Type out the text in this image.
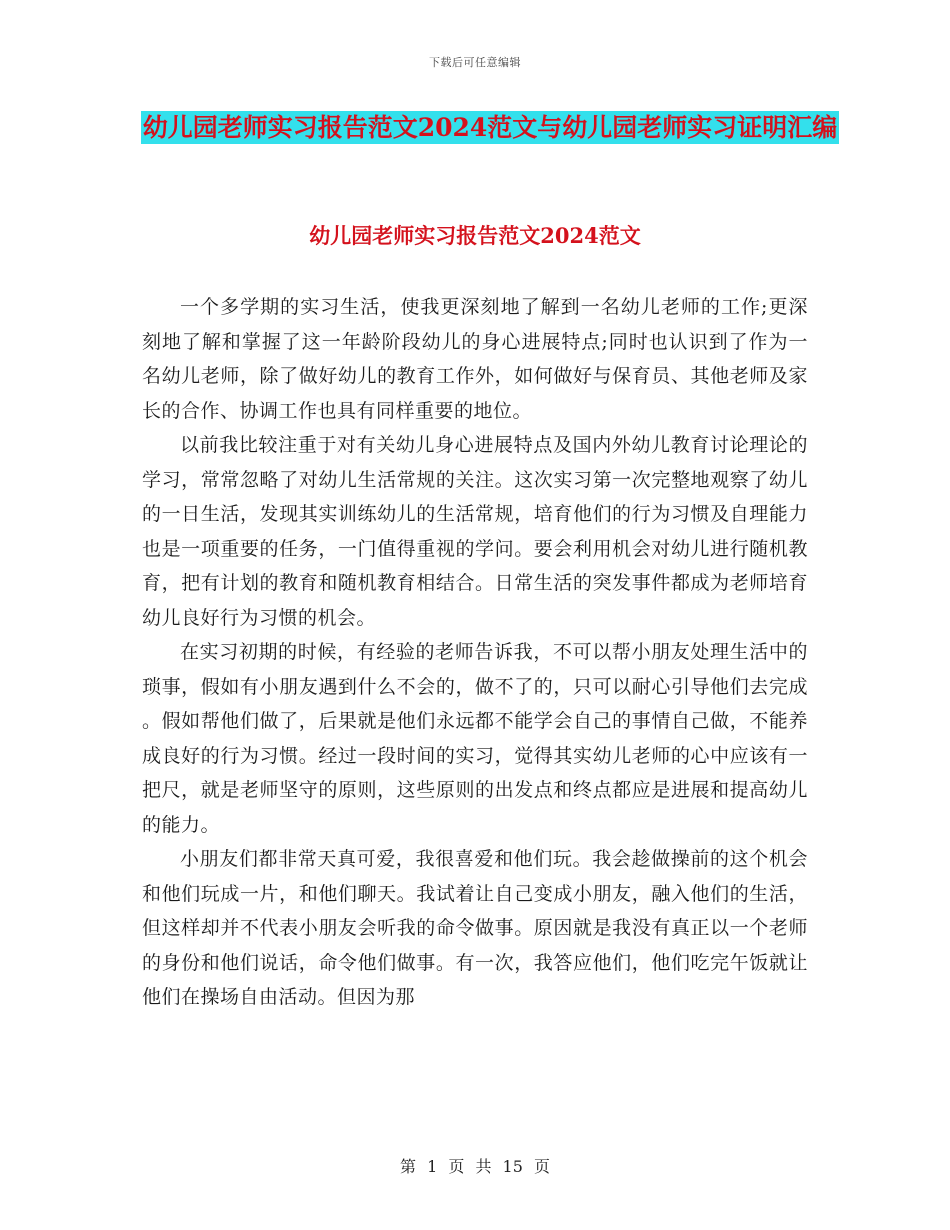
下载后可任意编辑
幼儿园老师实习报告范文2024范文与幼儿园老师实习证明汇编
幼儿园老师实习报告范文2024范文

一个多学期的实习生活，使我更深刻地了解到一名幼儿老师的工作;更深刻地了解和掌握了这一年龄阶段幼儿的身心进展特点;同时也认识到了作为一名幼儿老师，除了做好幼儿的教育工作外，如何做好与保育员、其他老师及家长的合作、协调工作也具有同样重要的地位。

以前我比较注重于对有关幼儿身心进展特点及国内外幼儿教育讨论理论的学习，常常忽略了对幼儿生活常规的关注。这次实习第一次完整地观察了幼儿的一日生活，发现其实训练幼儿的生活常规，培育他们的行为习惯及自理能力也是一项重要的任务，一门值得重视的学问。要会利用机会对幼儿进行随机教育，把有计划的教育和随机教育相结合。日常生活的突发事件都成为老师培育幼儿良好行为习惯的机会。

在实习初期的时候，有经验的老师告诉我，不可以帮小朋友处理生活中的琐事，假如有小朋友遇到什么不会的，做不了的，只可以耐心引导他们去完成 。假如帮他们做了，后果就是他们永远都不能学会自己的事情自己做，不能养成良好的行为习惯。经过一段时间的实习，觉得其实幼儿老师的心中应该有一把尺，就是老师坚守的原则，这些原则的出发点和终点都应是进展和提高幼儿的能力。

小朋友们都非常天真可爱，我很喜爱和他们玩。我会趁做操前的这个机会和他们玩成一片，和他们聊天。我试着让自己变成小朋友，融入他们的生活，但这样却并不代表小朋友会听我的命令做事。原因就是我没有真正以一个老师的身份和他们说话，命令他们做事。有一次，我答应他们，他们吃完午饭就让他们在操场自由活动。但因为那

第 1 页 共 15 页
